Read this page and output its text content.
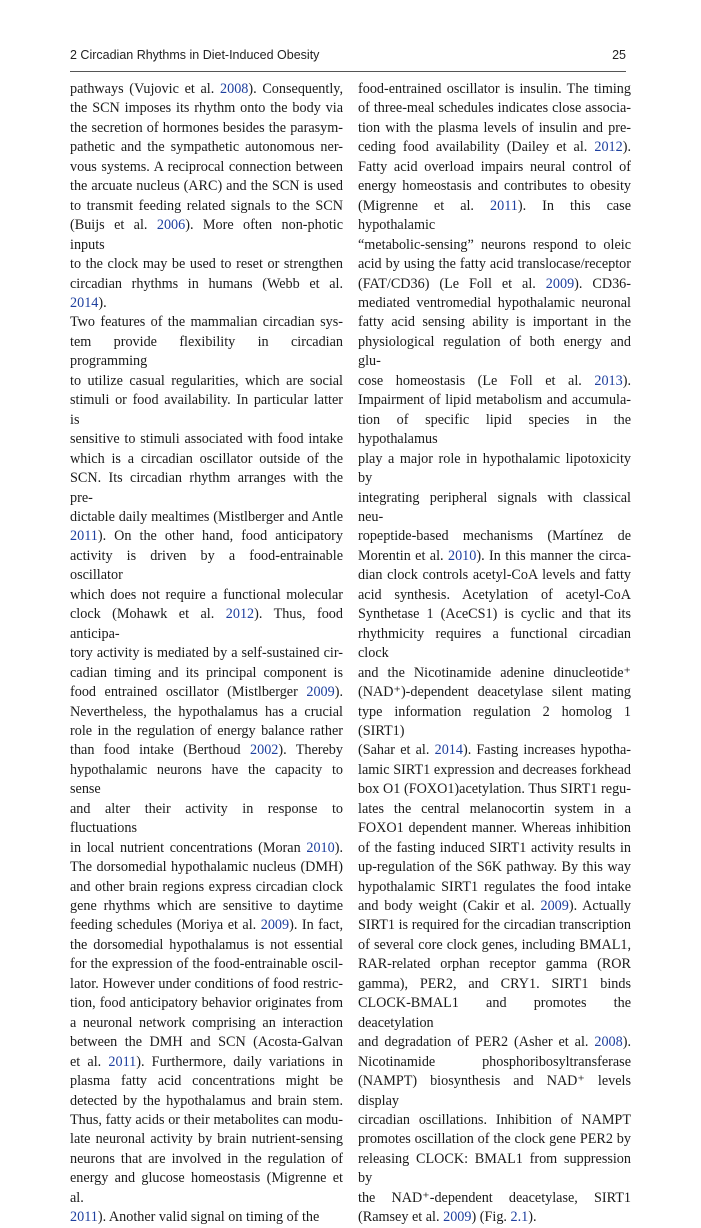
2 Circadian Rhythms in Diet-Induced Obesity	25

pathways (Vujovic et al. 2008). Consequently,

the SCN imposes its rhythm onto the body via

the secretion of hormones besides the parasym-

pathetic and the sympathetic autonomous ner-

vous systems. A reciprocal connection between

the arcuate nucleus (ARC) and the SCN is used

to transmit feeding related signals to the SCN

(Buijs et al. 2006). More often non-photic inputs

to the clock may be used to reset or strengthen

circadian rhythms in humans (Webb et al. 2014).

Two features of the mammalian circadian sys-

tem provide flexibility in circadian programming

to utilize casual regularities, which are social

stimuli or food availability. In particular latter is

sensitive to stimuli associated with food intake

which is a circadian oscillator outside of the

SCN. Its circadian rhythm arranges with the pre-

dictable daily mealtimes (Mistlberger and Antle

2011). On the other hand, food anticipatory

activity is driven by a food-entrainable oscillator

which does not require a functional molecular

clock (Mohawk et al. 2012). Thus, food anticipa-

tory activity is mediated by a self-sustained cir-

cadian timing and its principal component is

food entrained oscillator (Mistlberger 2009).

Nevertheless, the hypothalamus has a crucial

role in the regulation of energy balance rather

than food intake (Berthoud 2002). Thereby

hypothalamic neurons have the capacity to sense

and alter their activity in response to fluctuations

in local nutrient concentrations (Moran 2010).

The dorsomedial hypothalamic nucleus (DMH)

and other brain regions express circadian clock

gene rhythms which are sensitive to daytime

feeding schedules (Moriya et al. 2009). In fact,

the dorsomedial hypothalamus is not essential

for the expression of the food-entrainable oscil-

lator. However under conditions of food restric-

tion, food anticipatory behavior originates from

a neuronal network comprising an interaction

between the DMH and SCN (Acosta-Galvan

et al. 2011). Furthermore, daily variations in

plasma fatty acid concentrations might be

detected by the hypothalamus and brain stem.

Thus, fatty acids or their metabolites can modu-

late neuronal activity by brain nutrient-sensing

neurons that are involved in the regulation of

energy and glucose homeostasis (Migrenne et al.

2011). Another valid signal on timing of the

food-entrained oscillator is insulin. The timing

of three-meal schedules indicates close associa-

tion with the plasma levels of insulin and pre-

ceding food availability (Dailey et al. 2012).

Fatty acid overload impairs neural control of

energy homeostasis and contributes to obesity

(Migrenne et al. 2011). In this case hypothalamic

“metabolic-sensing” neurons respond to oleic

acid by using the fatty acid translocase/receptor

(FAT/CD36) (Le Foll et al. 2009). CD36-

mediated ventromedial hypothalamic neuronal

fatty acid sensing ability is important in the

physiological regulation of both energy and glu-

cose homeostasis (Le Foll et al. 2013).

Impairment of lipid metabolism and accumula-

tion of specific lipid species in the hypothalamus

play a major role in hypothalamic lipotoxicity by

integrating peripheral signals with classical neu-

ropeptide-based mechanisms (Martínez de

Morentin et al. 2010). In this manner the circa-

dian clock controls acetyl-CoA levels and fatty

acid synthesis. Acetylation of acetyl-CoA

Synthetase 1 (AceCS1) is cyclic and that its

rhythmicity requires a functional circadian clock

and the Nicotinamide adenine dinucleotide⁺

(NAD⁺)-dependent deacetylase silent mating

type information regulation 2 homolog 1 (SIRT1)

(Sahar et al. 2014). Fasting increases hypotha-

lamic SIRT1 expression and decreases forkhead

box O1 (FOXO1)acetylation. Thus SIRT1 regu-

lates the central melanocortin system in a

FOXO1 dependent manner. Whereas inhibition

of the fasting induced SIRT1 activity results in

up-regulation of the S6K pathway. By this way

hypothalamic SIRT1 regulates the food intake

and body weight (Cakir et al. 2009). Actually

SIRT1 is required for the circadian transcription

of several core clock genes, including BMAL1,

RAR-related orphan receptor gamma (ROR

gamma), PER2, and CRY1. SIRT1 binds

CLOCK-BMAL1 and promotes the deacetylation

and degradation of PER2 (Asher et al. 2008).

Nicotinamide phosphoribosyltransferase

(NAMPT) biosynthesis and NAD⁺ levels display

circadian oscillations. Inhibition of NAMPT

promotes oscillation of the clock gene PER2 by

releasing CLOCK: BMAL1 from suppression by

the NAD⁺-dependent deacetylase, SIRT1

(Ramsey et al. 2009) (Fig. 2.1).
